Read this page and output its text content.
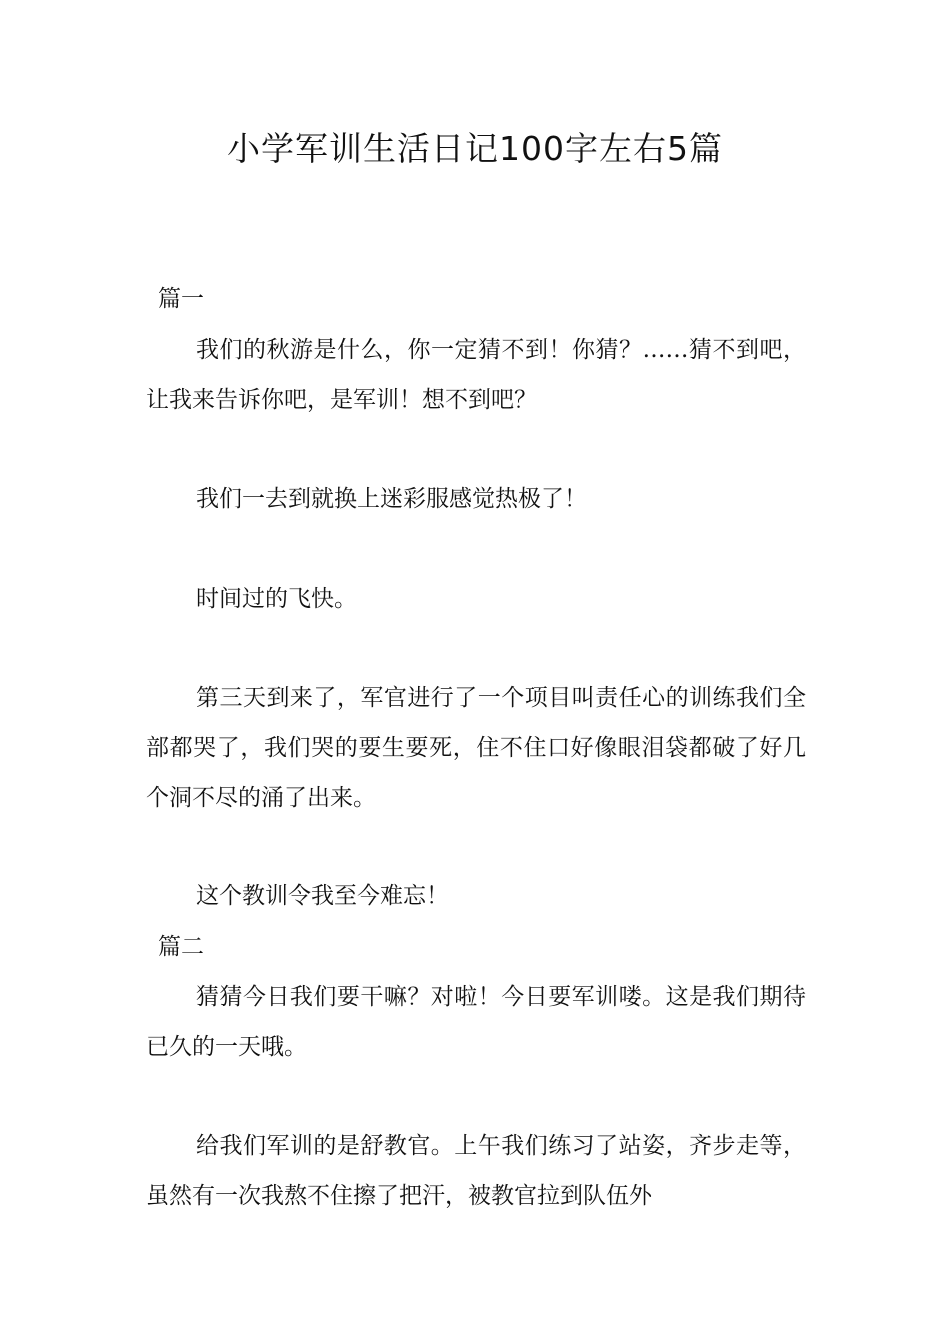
小学军训生活日记100字左右5篇
篇一

我们的秋游是什么，你一定猜不到！你猜？……猜不到吧，让我来告诉你吧，是军训！想不到吧？

我们一去到就换上迷彩服感觉热极了！

时间过的飞快。

第三天到来了，军官进行了一个项目叫责任心的训练我们全部都哭了，我们哭的要生要死，住不住口好像眼泪袋都破了好几个洞不尽的涌了出来。

这个教训令我至今难忘！

篇二

猜猜今日我们要干嘛？对啦！今日要军训喽。这是我们期待已久的一天哦。

给我们军训的是舒教官。上午我们练习了站姿，齐步走等，虽然有一次我熬不住擦了把汗，被教官拉到队伍外
